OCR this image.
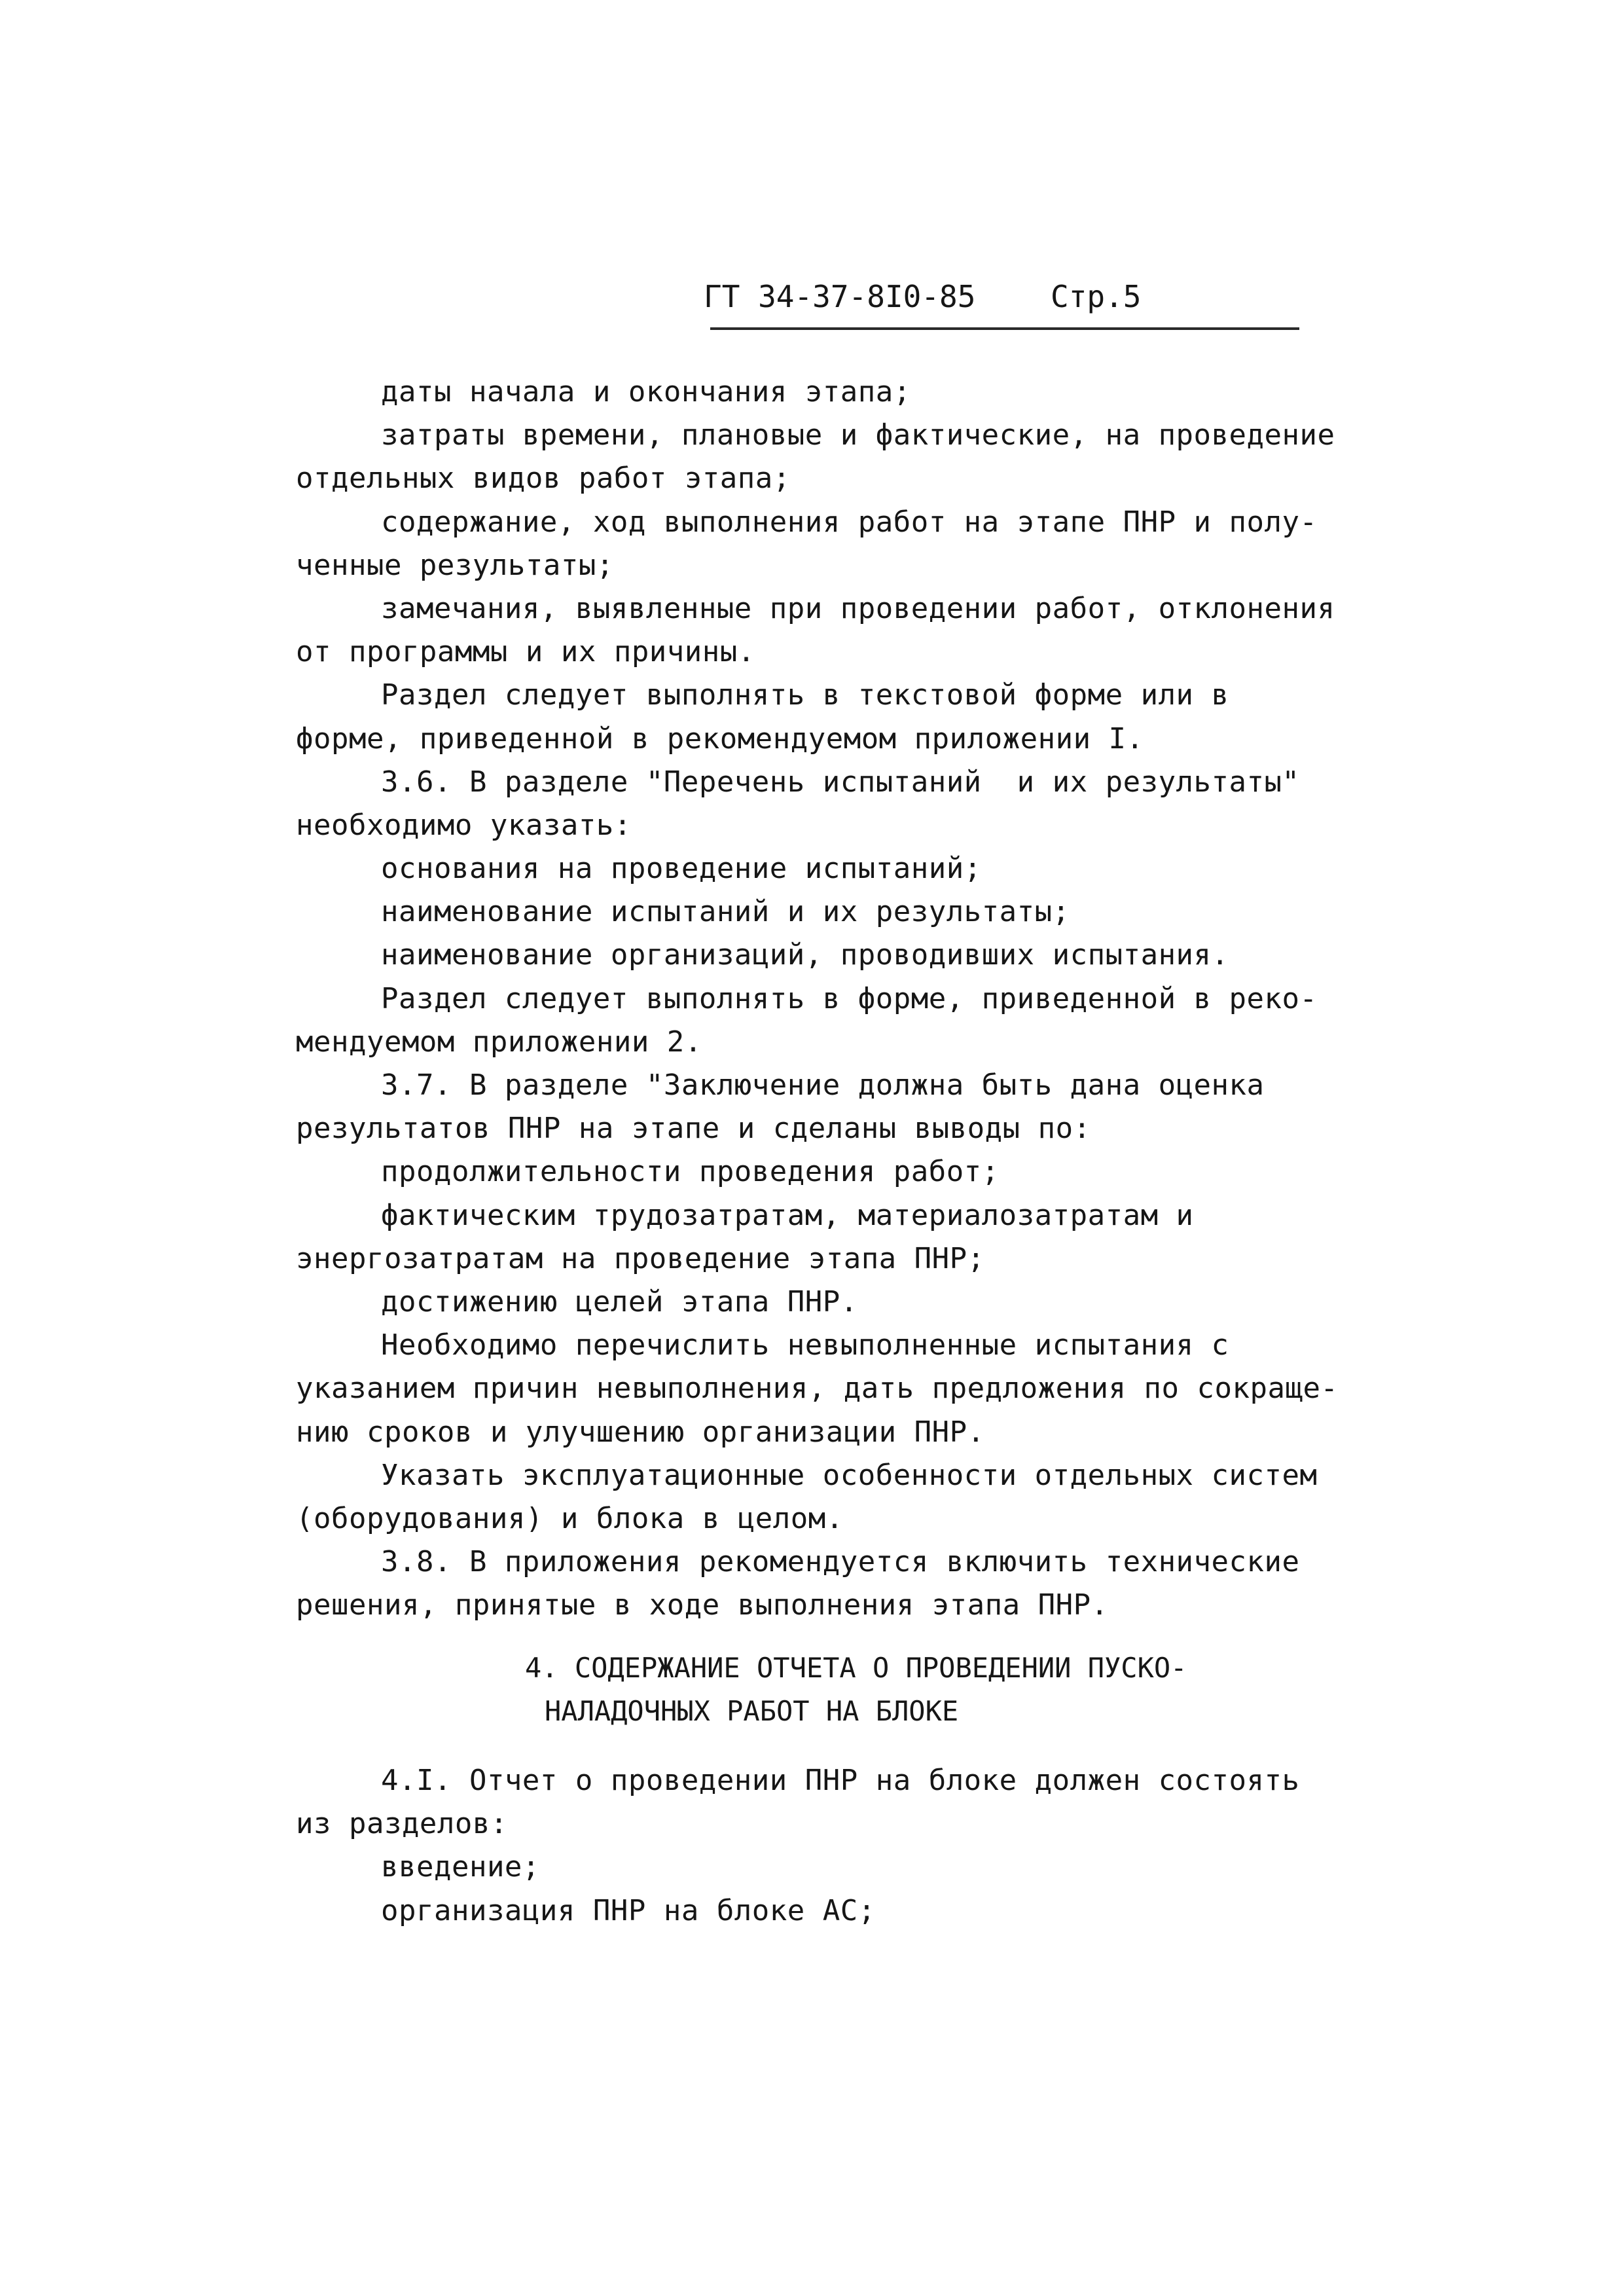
ГТ 34-37-8I0-85 Стр.5
даты начала и окончания этапа;
затраты времени, плановые и фактические, на проведение
отдельных видов работ этапа;
содержание, ход выполнения работ на этапе ПНР и полу-
ченные результаты;
замечания, выявленные при проведении работ, отклонения
от программы и их причины.
Раздел следует выполнять в текстовой форме или в
форме, приведенной в рекомендуемом приложении I.
3.6. В разделе "Перечень испытаний  и их результаты"
необходимо указать:
основания на проведение испытаний;
наименование испытаний и их результаты;
наименование организаций, проводивших испытания.
Раздел следует выполнять в форме, приведенной в реко-
мендуемом приложении 2.
3.7. В разделе "Заключение должна быть дана оценка
результатов ПНР на этапе и сделаны выводы по:
продолжительности проведения работ;
фактическим трудозатратам, материалозатратам и
энергозатратам на проведение этапа ПНР;
достижению целей этапа ПНР.
Необходимо перечислить невыполненные испытания с
указанием причин невыполнения, дать предложения по сокраще-
нию сроков и улучшению организации ПНР.
Указать эксплуатационные особенности отдельных систем
(оборудования) и блока в целом.
3.8. В приложения рекомендуется включить технические
решения, принятые в ходе выполнения этапа ПНР.
4. СОДЕРЖАНИЕ ОТЧЕТА О ПРОВЕДЕНИИ ПУСКО-
НАЛАДОЧНЫХ РАБОТ НА БЛОКЕ
4.I. Отчет о проведении ПНР на блоке должен состоять
из разделов:
введение;
организация ПНР на блоке АС;
